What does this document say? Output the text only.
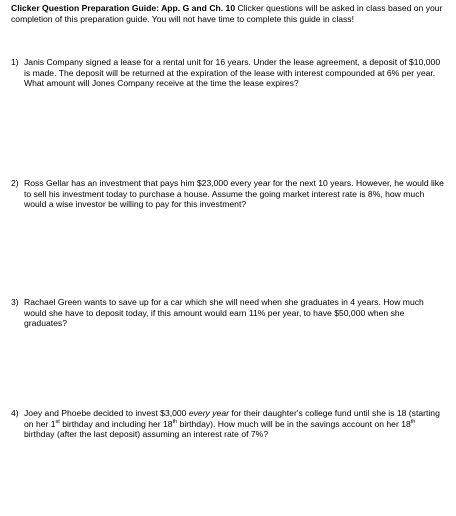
Clicker Question Preparation Guide: App. G and Ch. 10 Clicker questions will be asked in class based on your completion of this preparation guide. You will not have time to complete this guide in class!
1) Janis Company signed a lease for a rental unit for 16 years. Under the lease agreement, a deposit of $10,000 is made. The deposit will be returned at the expiration of the lease with interest compounded at 6% per year. What amount will Jones Company receive at the time the lease expires?
2) Ross Gellar has an investment that pays him $23,000 every year for the next 10 years. However, he would like to sell his investment today to purchase a house. Assume the going market interest rate is 8%, how much would a wise investor be willing to pay for this investment?
3) Rachael Green wants to save up for a car which she will need when she graduates in 4 years. How much would she have to deposit today, if this amount would earn 11% per year, to have $50,000 when she graduates?
4) Joey and Phoebe decided to invest $3,000 every year for their daughter's college fund until she is 18 (starting on her 1st birthday and including her 18th birthday). How much will be in the savings account on her 18th birthday (after the last deposit) assuming an interest rate of 7%?
